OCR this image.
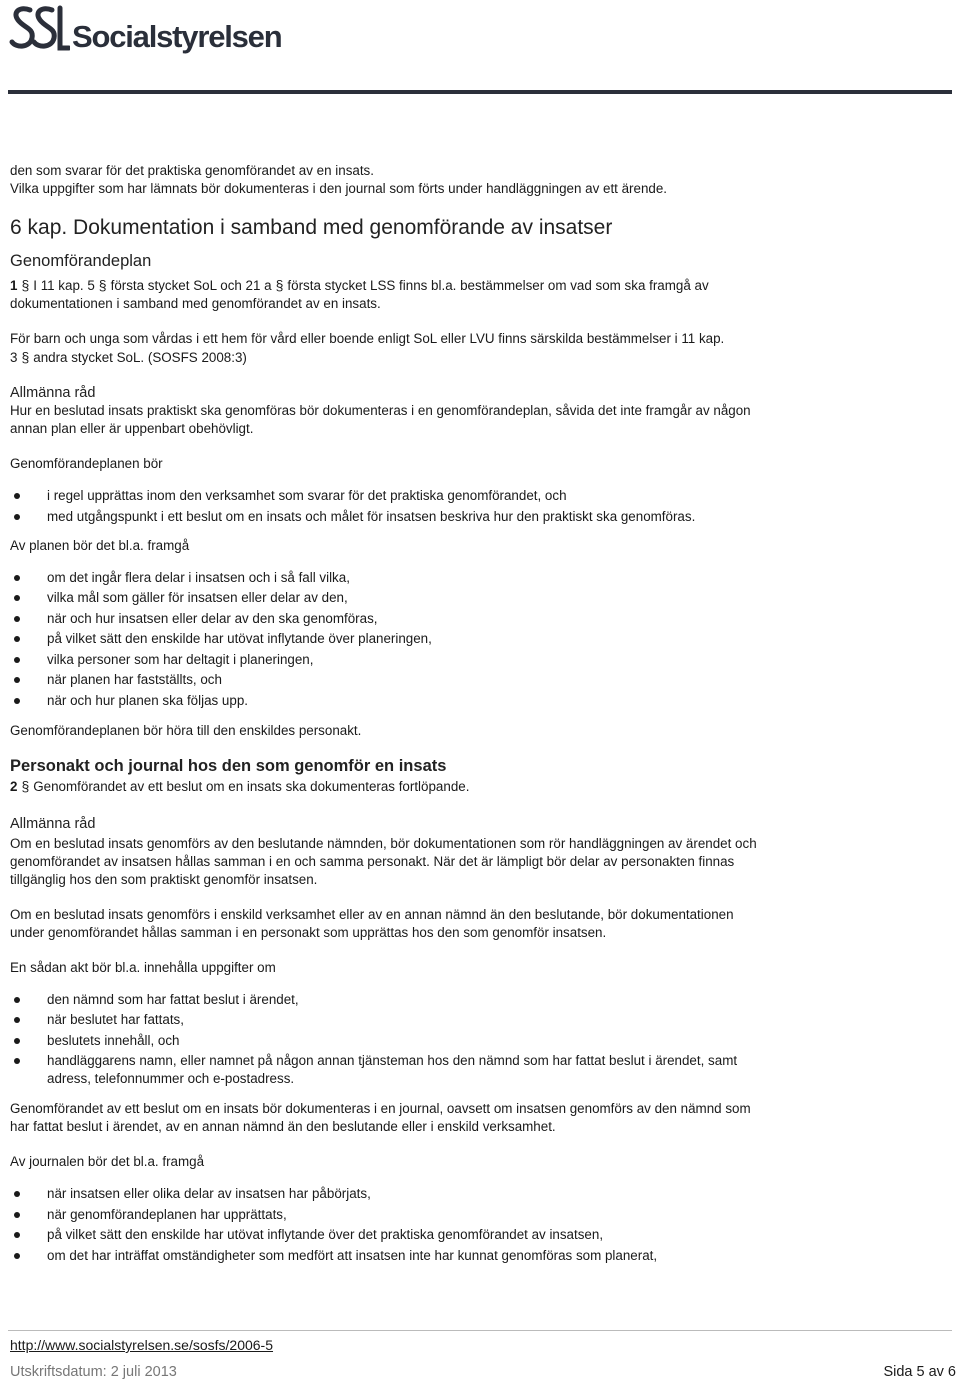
Socialstyrelsen

den som svarar för det praktiska genomförandet av en insats.

Vilka uppgifter som har lämnats bör dokumenteras i den journal som förts under handläggningen av ett ärende.

6 kap. Dokumentation i samband med genomförande av insatser

Genomförandeplan

1 § I 11 kap. 5 § första stycket SoL och 21 a § första stycket LSS finns bl.a. bestämmelser om vad som ska framgå av dokumentationen i samband med genomförandet av en insats.

För barn och unga som vårdas i ett hem för vård eller boende enligt SoL eller LVU finns särskilda bestämmelser i 11 kap. 3 § andra stycket SoL. (SOSFS 2008:3)

Allmänna råd

Hur en beslutad insats praktiskt ska genomföras bör dokumenteras i en genomförandeplan, såvida det inte framgår av någon annan plan eller är uppenbart obehövligt.

Genomförandeplanen bör

i regel upprättas inom den verksamhet som svarar för det praktiska genomförandet, och
med utgångspunkt i ett beslut om en insats och målet för insatsen beskriva hur den praktiskt ska genomföras.

Av planen bör det bl.a. framgå

om det ingår flera delar i insatsen och i så fall vilka,
vilka mål som gäller för insatsen eller delar av den,
när och hur insatsen eller delar av den ska genomföras,
på vilket sätt den enskilde har utövat inflytande över planeringen,
vilka personer som har deltagit i planeringen,
när planen har fastställts, och
när och hur planen ska följas upp.

Genomförandeplanen bör höra till den enskildes personakt.

Personakt och journal hos den som genomför en insats

2 § Genomförandet av ett beslut om en insats ska dokumenteras fortlöpande.

Allmänna råd

Om en beslutad insats genomförs av den beslutande nämnden, bör dokumentationen som rör handläggningen av ärendet och genomförandet av insatsen hållas samman i en och samma personakt. När det är lämpligt bör delar av personakten finnas tillgänglig hos den som praktiskt genomför insatsen.

Om en beslutad insats genomförs i enskild verksamhet eller av en annan nämnd än den beslutande, bör dokumentationen under genomförandet hållas samman i en personakt som upprättas hos den som genomför insatsen.

En sådan akt bör bl.a. innehålla uppgifter om

den nämnd som har fattat beslut i ärendet,
när beslutet har fattats,
beslutets innehåll, och
handläggarens namn, eller namnet på någon annan tjänsteman hos den nämnd som har fattat beslut i ärendet, samt adress, telefonnummer och e-postadress.

Genomförandet av ett beslut om en insats bör dokumenteras i en journal, oavsett om insatsen genomförs av den nämnd som har fattat beslut i ärendet, av en annan nämnd än den beslutande eller i enskild verksamhet.

Av journalen bör det bl.a. framgå

när insatsen eller olika delar av insatsen har påbörjats,
när genomförandeplanen har upprättats,
på vilket sätt den enskilde har utövat inflytande över det praktiska genomförandet av insatsen,
om det har inträffat omständigheter som medfört att insatsen inte har kunnat genomföras som planerat,
http://www.socialstyrelsen.se/sosfs/2006-5
Utskriftsdatum: 2 juli 2013	Sida 5 av 6
